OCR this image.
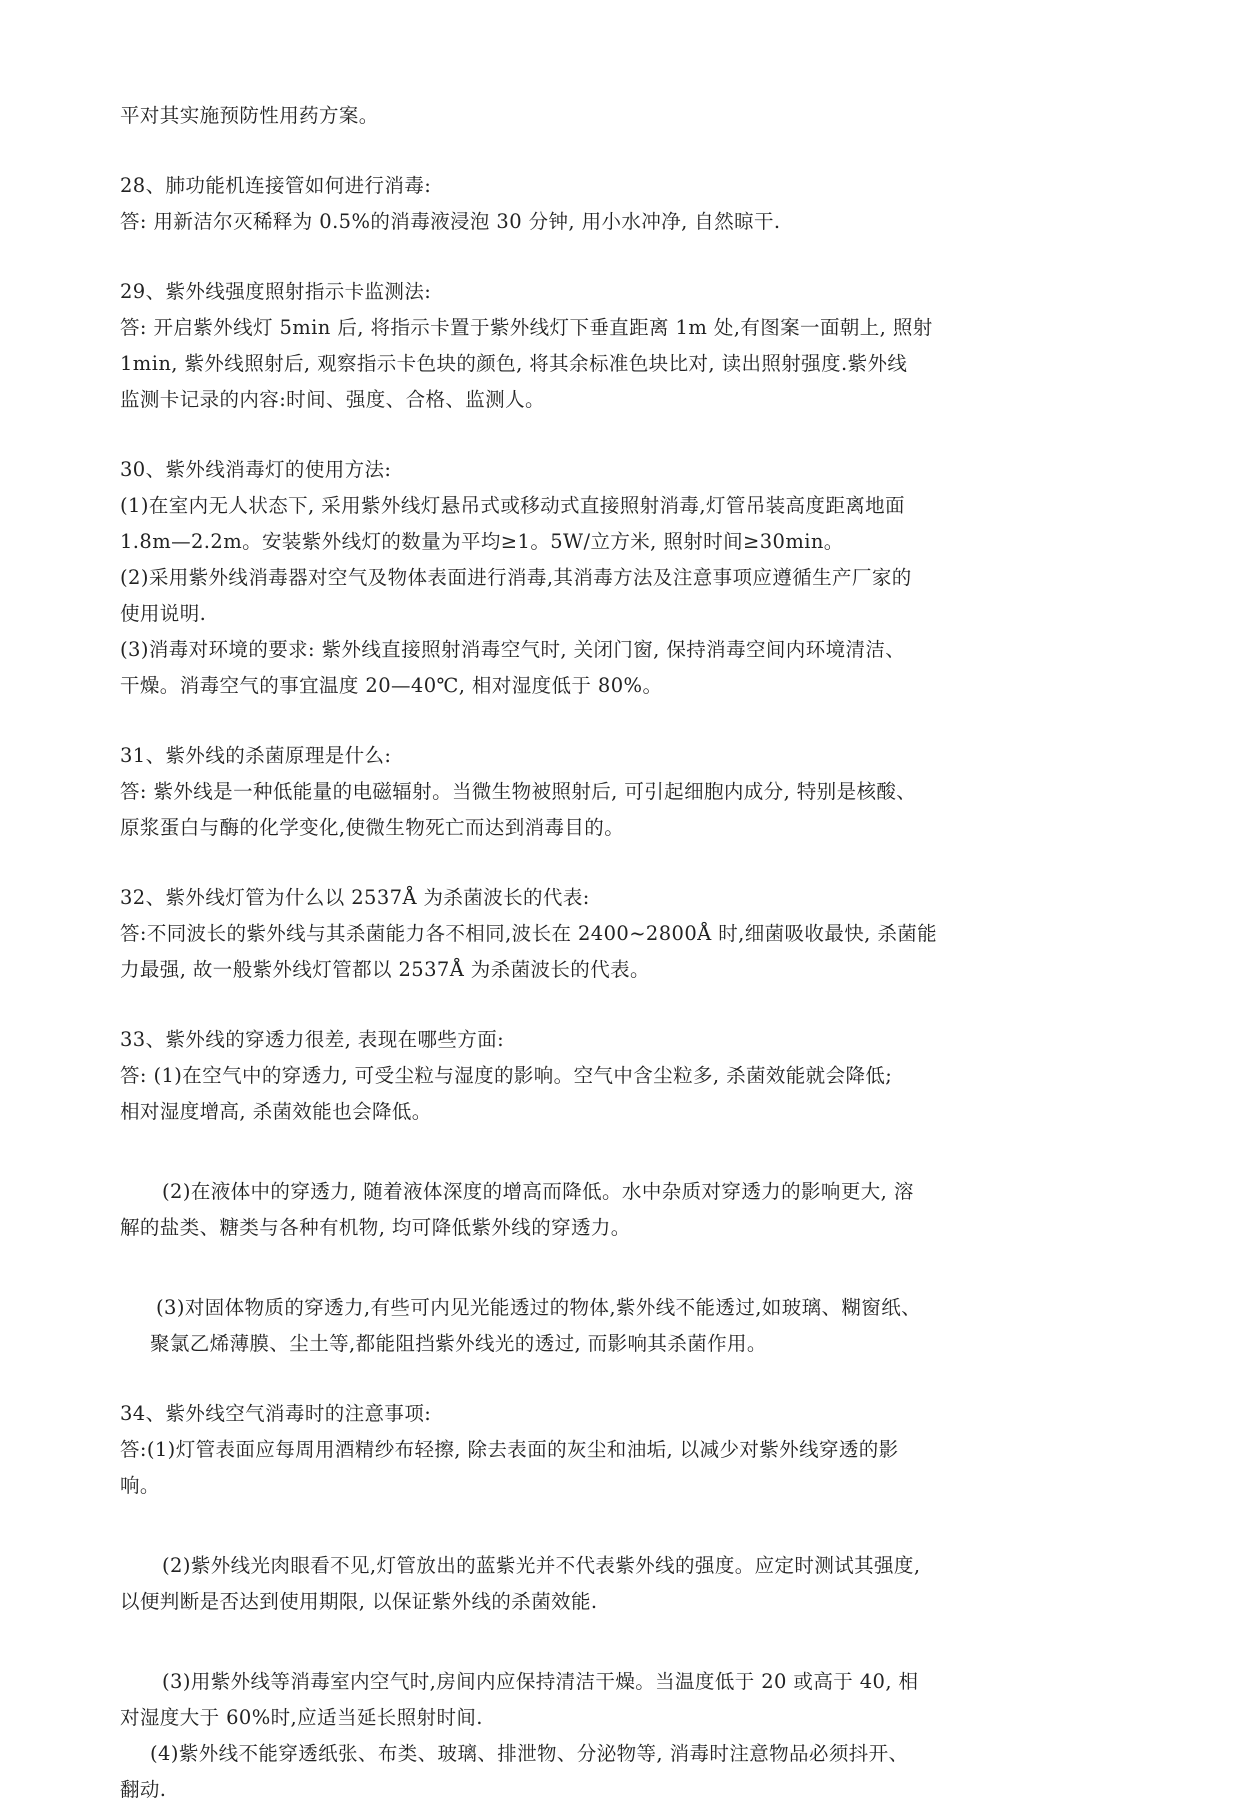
平对其实施预防性用药方案。

28、肺功能机连接管如何进行消毒:

答: 用新洁尔灭稀释为 0.5%的消毒液浸泡 30 分钟, 用小水冲净, 自然晾干.

29、紫外线强度照射指示卡监测法:

答: 开启紫外线灯 5min 后, 将指示卡置于紫外线灯下垂直距离 1m 处,有图案一面朝上, 照射

1min, 紫外线照射后, 观察指示卡色块的颜色, 将其余标准色块比对, 读出照射强度.紫外线

监测卡记录的内容:时间、强度、合格、监测人。

30、紫外线消毒灯的使用方法:

(1)在室内无人状态下, 采用紫外线灯悬吊式或移动式直接照射消毒,灯管吊装高度距离地面

1.8m—2.2m。安装紫外线灯的数量为平均≥1。5W/立方米, 照射时间≥30min。

(2)采用紫外线消毒器对空气及物体表面进行消毒,其消毒方法及注意事项应遵循生产厂家的

使用说明.

(3)消毒对环境的要求: 紫外线直接照射消毒空气时, 关闭门窗, 保持消毒空间内环境清洁、

干燥。消毒空气的事宜温度 20—40℃, 相对湿度低于 80%。

31、紫外线的杀菌原理是什么:

答: 紫外线是一种低能量的电磁辐射。当微生物被照射后, 可引起细胞内成分, 特别是核酸、

原浆蛋白与酶的化学变化,使微生物死亡而达到消毒目的。

32、紫外线灯管为什么以 2537Å 为杀菌波长的代表:

答:不同波长的紫外线与其杀菌能力各不相同,波长在 2400~2800Å 时,细菌吸收最快, 杀菌能

力最强, 故一般紫外线灯管都以 2537Å 为杀菌波长的代表。

33、紫外线的穿透力很差, 表现在哪些方面:

答: (1)在空气中的穿透力, 可受尘粒与湿度的影响。空气中含尘粒多, 杀菌效能就会降低;

相对湿度增高, 杀菌效能也会降低。

(2)在液体中的穿透力, 随着液体深度的增高而降低。水中杂质对穿透力的影响更大, 溶

解的盐类、糖类与各种有机物, 均可降低紫外线的穿透力。

(3)对固体物质的穿透力,有些可内见光能透过的物体,紫外线不能透过,如玻璃、糊窗纸、

聚氯乙烯薄膜、尘土等,都能阻挡紫外线光的透过, 而影响其杀菌作用。

34、紫外线空气消毒时的注意事项:

答:(1)灯管表面应每周用酒精纱布轻擦, 除去表面的灰尘和油垢, 以减少对紫外线穿透的影

响。

(2)紫外线光肉眼看不见,灯管放出的蓝紫光并不代表紫外线的强度。应定时测试其强度,

以便判断是否达到使用期限, 以保证紫外线的杀菌效能.

(3)用紫外线等消毒室内空气时,房间内应保持清洁干燥。当温度低于 20 或高于 40, 相

对湿度大于 60%时,应适当延长照射时间.

(4)紫外线不能穿透纸张、布类、玻璃、排泄物、分泌物等, 消毒时注意物品必须抖开、

翻动.
